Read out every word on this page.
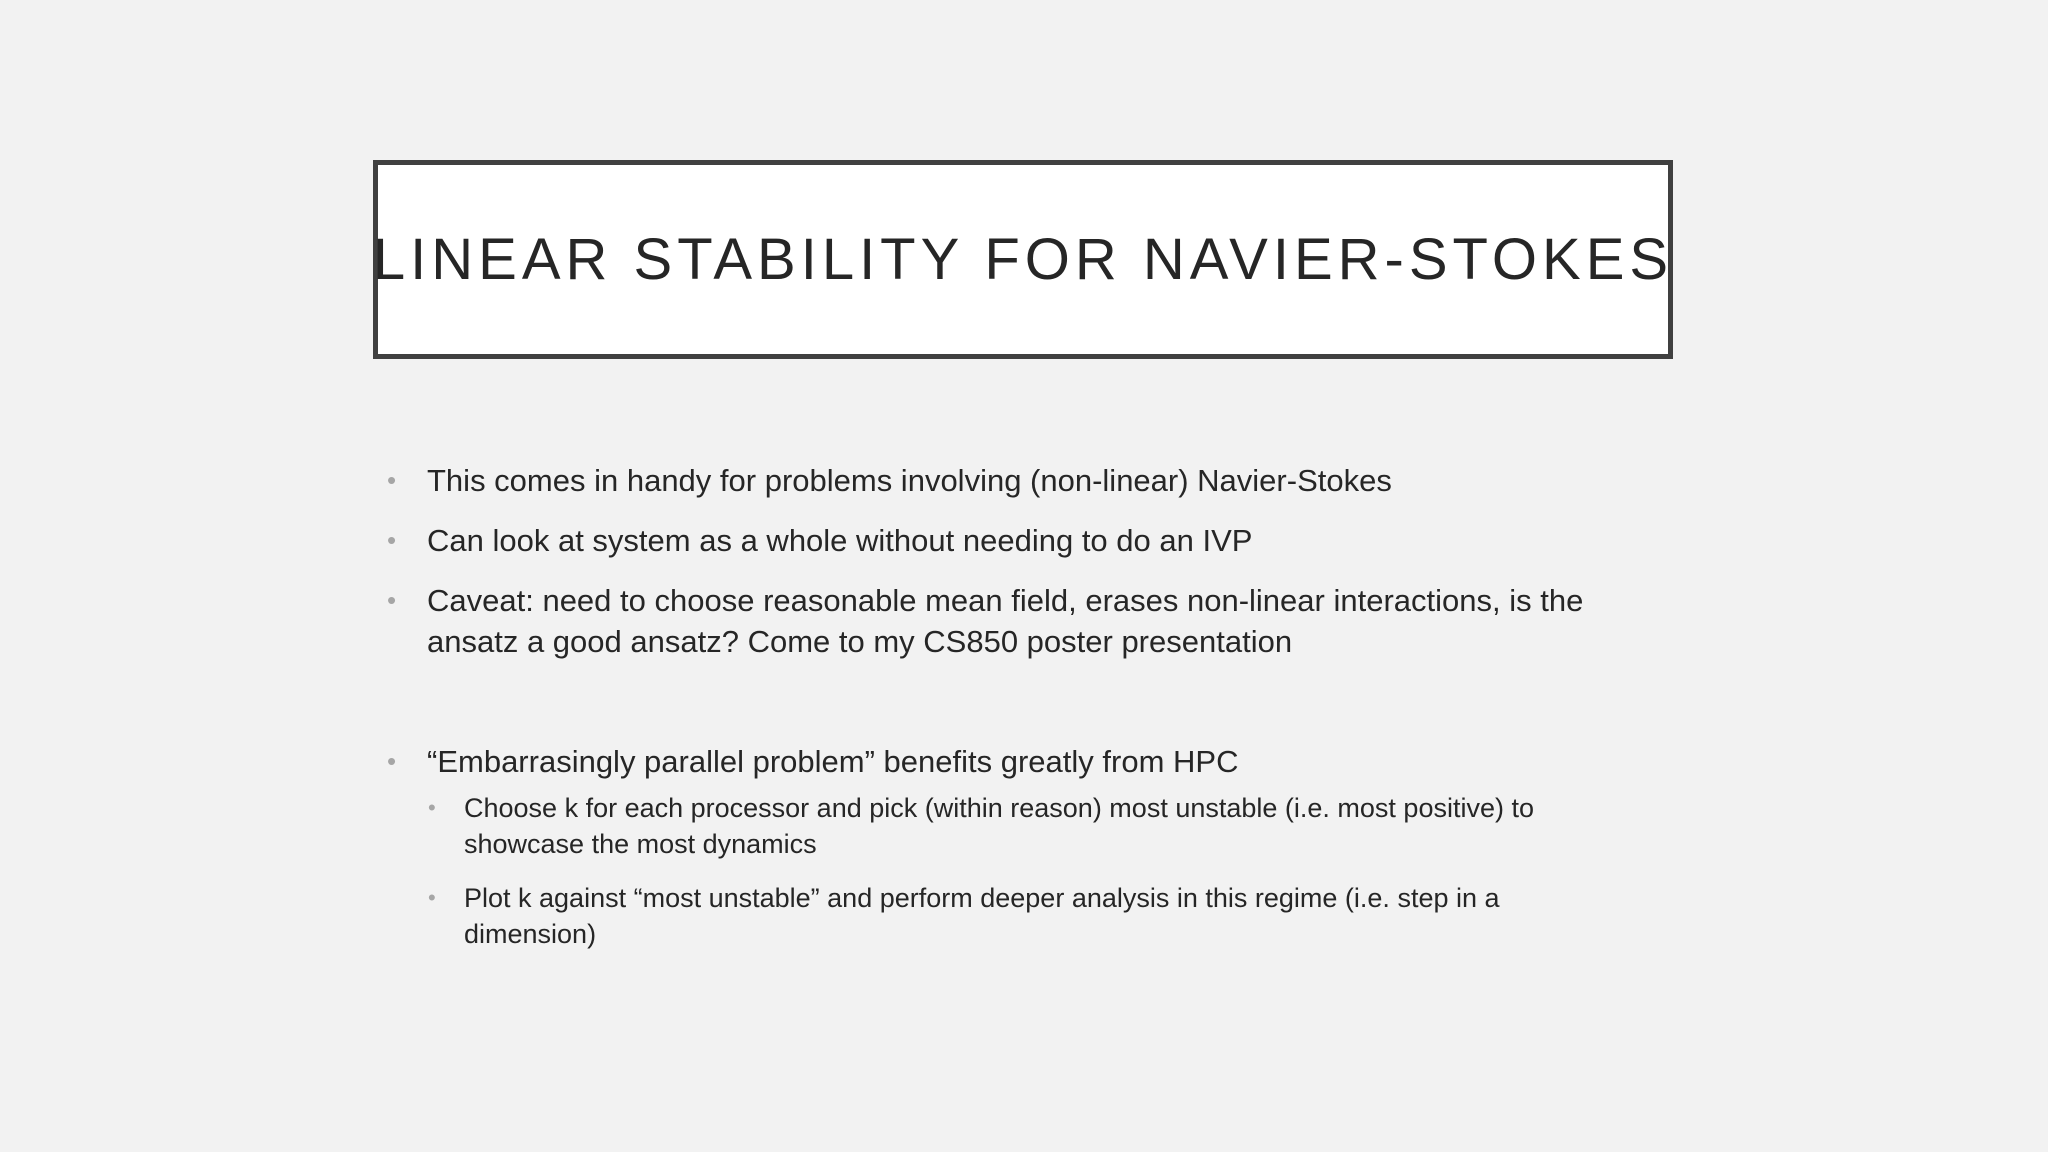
LINEAR STABILITY FOR NAVIER-STOKES
• This comes in handy for problems involving (non-linear) Navier-Stokes
• Can look at system as a whole without needing to do an IVP
• Caveat: need to choose reasonable mean field, erases non-linear interactions, is the ansatz a good ansatz? Come to my CS850 poster presentation
• “Embarrasingly parallel problem” benefits greatly from HPC
• Choose k for each processor and pick (within reason) most unstable (i.e. most positive) to showcase the most dynamics
• Plot k against “most unstable” and perform deeper analysis in this regime (i.e. step in a dimension)
